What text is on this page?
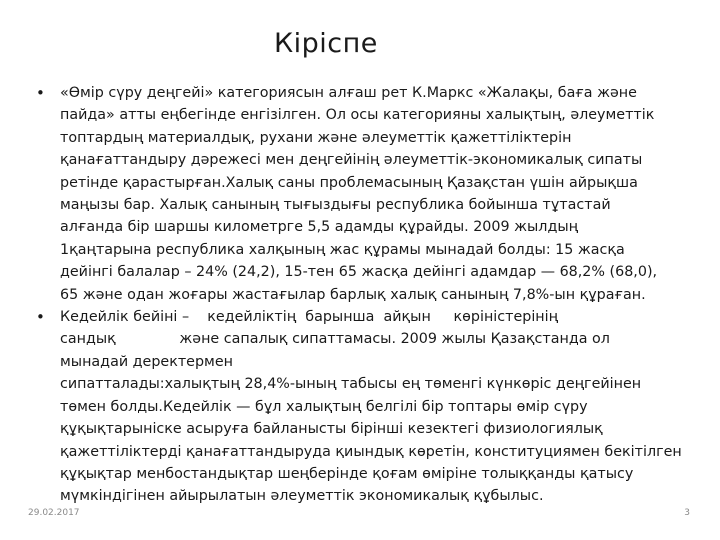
Кіріспе
• «Өмір сүру деңгейі» категориясын алғаш рет К.Маркс «Жалақы, баға және
пайда» атты еңбегінде енгізілген. Ол осы категорияны халықтың, әлеуметтік
топтардың материалдық, рухани және әлеуметтік қажеттіліктерін
қанағаттандыру дәрежесі мен деңгейінің әлеуметтік-экономикалық сипаты
ретінде қарастырған.Халық саны проблемасының Қазақстан үшін айрықша
маңызы бар. Халық санының тығыздығы республика бойынша тұтастай
алғанда бір шаршы километрге 5,5 адамды құрайды. 2009 жылдың
1қаңтарына республика халқының жас құрамы мынадай болды: 15 жасқа
дейінгі балалар – 24% (24,2), 15-тен 65 жасқа дейінгі адамдар — 68,2% (68,0),
65 және одан жоғары жастағылар барлық халық санының 7,8%-ын құраған.
• Кедейлік бейіні –    кедейліктің  барынша  айқын     көріністерінің
сандық              және сапалық сипаттамасы. 2009 жылы Қазақстанда ол
мынадай деректермен
сипатталады:халықтың 28,4%-ының табысы ең төменгі күнкөріс деңгейінен
төмен болды.Кедейлік — бұл халықтың белгілі бір топтары өмір сүру
құқықтарыніске асыруға байланысты бірінші кезектегі физиологиялық
қажеттіліктерді қанағаттандыруда қиындық көретін, конституциямен бекітілген
құқықтар менбостандықтар шеңберінде қоғам өміріне толыққанды қатысу
мүмкіндігінен айырылатын әлеуметтік экономикалық құбылыс.
29.02.2017	3
